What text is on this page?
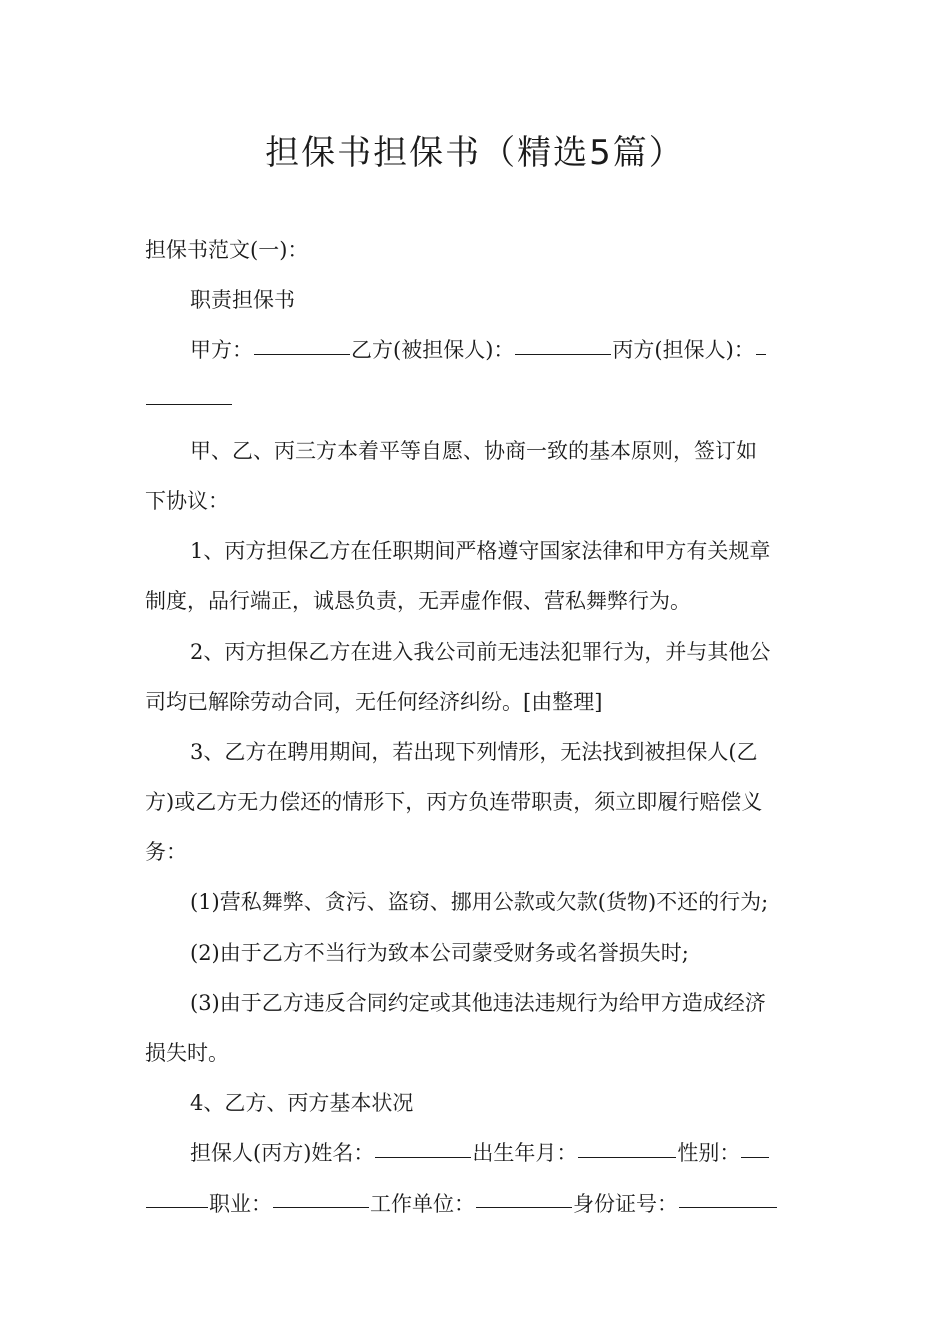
担保书担保书（精选5篇）
担保书范文(一)：
职责担保书
甲方：	乙方(被担保人)：	丙方(担保人)：
甲、乙、丙三方本着平等自愿、协商一致的基本原则，签订如
下协议：
1、丙方担保乙方在任职期间严格遵守国家法律和甲方有关规章
制度，品行端正，诚恳负责，无弄虚作假、营私舞弊行为。
2、丙方担保乙方在进入我公司前无违法犯罪行为，并与其他公
司均已解除劳动合同，无任何经济纠纷。[由整理]
3、乙方在聘用期间，若出现下列情形，无法找到被担保人(乙
方)或乙方无力偿还的情形下，丙方负连带职责，须立即履行赔偿义
务：
(1)营私舞弊、贪污、盗窃、挪用公款或欠款(货物)不还的行为;
(2)由于乙方不当行为致本公司蒙受财务或名誉损失时;
(3)由于乙方违反合同约定或其他违法违规行为给甲方造成经济
损失时。
4、乙方、丙方基本状况
担保人(丙方)姓名：	出生年月：	性别：
职业：	工作单位：	身份证号：
